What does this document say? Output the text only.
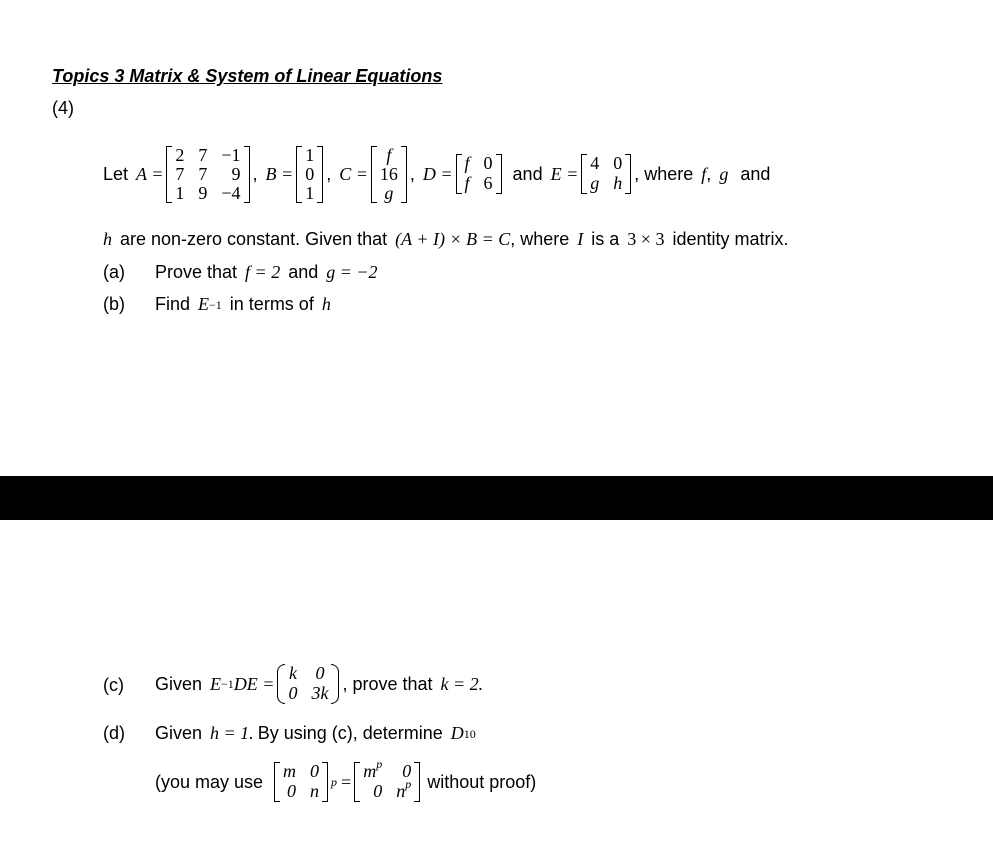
Topics 3 Matrix & System of Linear Equations
(4)
Let A =
2 7 −1
7 7	9
1 9 −4
, B =
1
0
1
, C =
f
16
g
, D =
f 0
f 6 and E =
4 0
g h , where f , g and
h are non-zero constant. Given that (A + I) × B = C , where I is a 3 × 3 identity matrix.
(a) Prove that f = 2 and g = −2
(b) Find E −1 in terms of h
(c) Given E −1 DE =
k 0
0 3k , prove that k = 2.
(d) Given h = 1. By using (c), determine D 10
(you may use
m 0
0 n p =
$m^p$	0
0 $n^p$ without proof)
